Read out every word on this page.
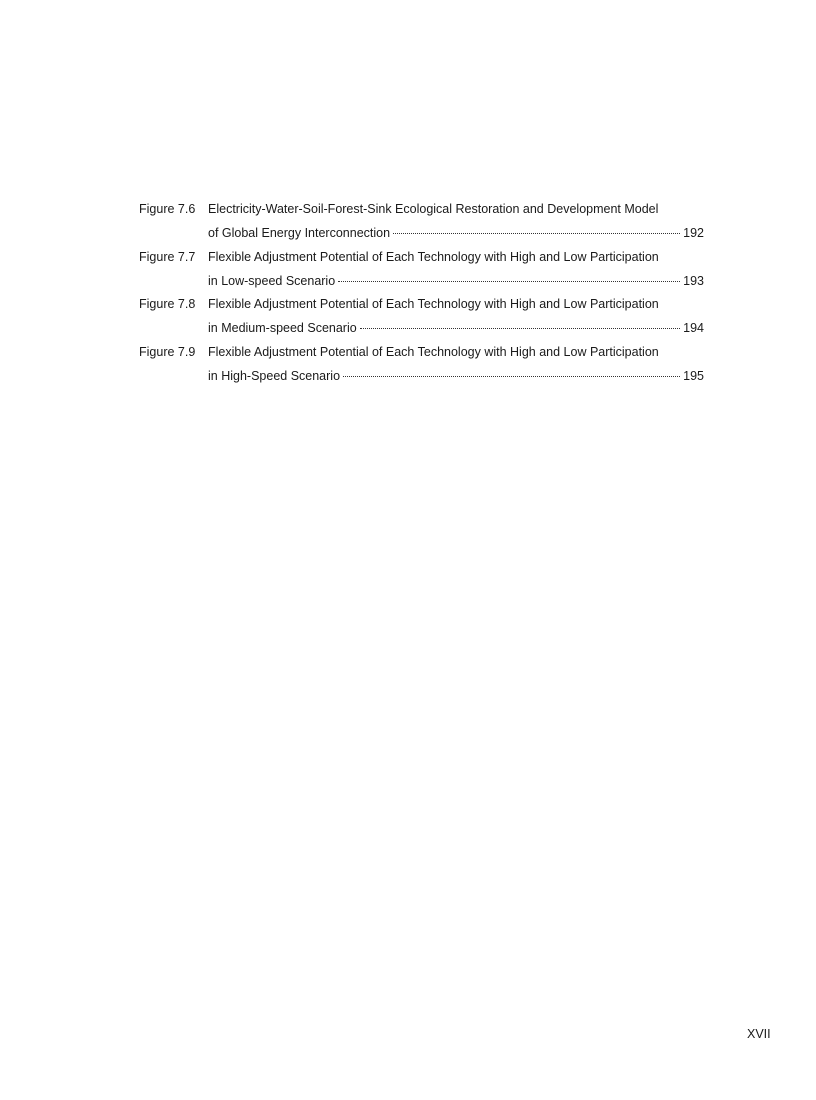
Figure 7.6 Electricity-Water-Soil-Forest-Sink Ecological Restoration and Development Model
of Global Energy Interconnection	192
Figure 7.7 Flexible Adjustment Potential of Each Technology with High and Low Participation
in Low-speed Scenario	193
Figure 7.8 Flexible Adjustment Potential of Each Technology with High and Low Participation
in Medium-speed Scenario	194
Figure 7.9 Flexible Adjustment Potential of Each Technology with High and Low Participation
in High-Speed Scenario	195
XVII
